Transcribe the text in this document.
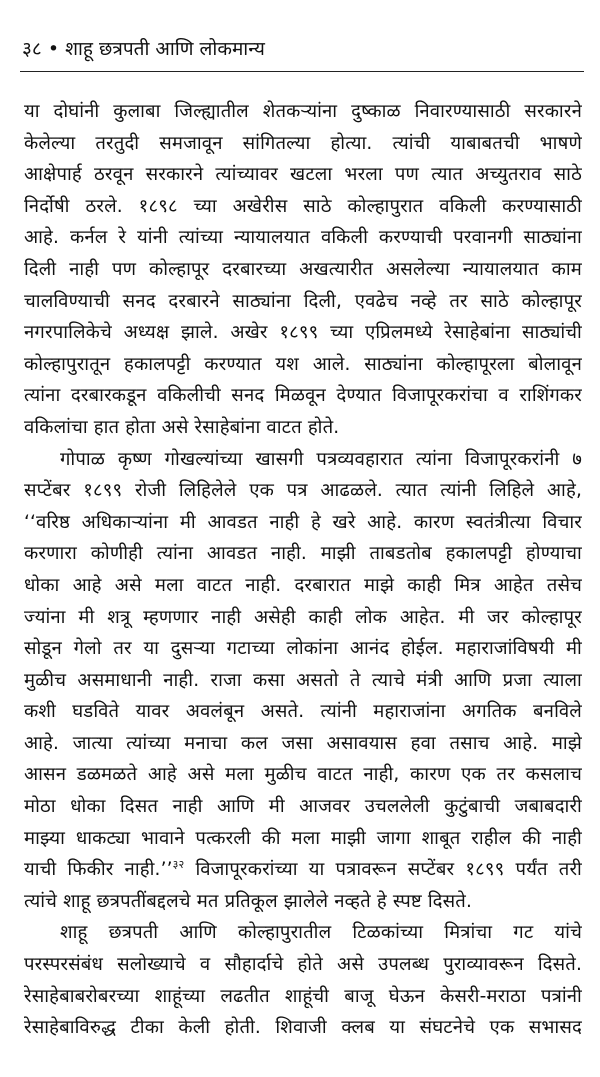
३८ • शाहू छत्रपती आणि लोकमान्य
या दोघांनी कुलाबा जिल्ह्यातील शेतकऱ्यांना दुष्काळ निवारण्यासाठी सरकारने
केलेल्या तरतुदी समजावून सांगितल्या होत्या. त्यांची याबाबतची भाषणे
आक्षेपार्ह ठरवून सरकारने त्यांच्यावर खटला भरला पण त्यात अच्युतराव साठे
निर्दोषी ठरले. १८९८ च्या अखेरीस साठे कोल्हापुरात वकिली करण्यासाठी
आहे. कर्नल रे यांनी त्यांच्या न्यायालयात वकिली करण्याची परवानगी साठ्यांना
दिली नाही पण कोल्हापूर दरबारच्या अखत्यारीत असलेल्या न्यायालयात काम
चालविण्याची सनद दरबारने साठ्यांना दिली, एवढेच नव्हे तर साठे कोल्हापूर
नगरपालिकेचे अध्यक्ष झाले. अखेर १८९९ च्या एप्रिलमध्ये रेसाहेबांना साठ्यांची
कोल्हापुरातून हकालपट्टी करण्यात यश आले. साठ्यांना कोल्हापूरला बोलावून
त्यांना दरबारकडून वकिलीची सनद मिळवून देण्यात विजापूरकरांचा व राशिंगकर
वकिलांचा हात होता असे रेसाहेबांना वाटत होते.
गोपाळ कृष्ण गोखल्यांच्या खासगी पत्रव्यवहारात त्यांना विजापूरकरांनी ७
सप्टेंबर १८९९ रोजी लिहिलेले एक पत्र आढळले. त्यात त्यांनी लिहिले आहे,
‘‘वरिष्ठ अधिकाऱ्यांना मी आवडत नाही हे खरे आहे. कारण स्वतंत्रीत्या विचार
करणारा कोणीही त्यांना आवडत नाही. माझी ताबडतोब हकालपट्टी होण्याचा
धोका आहे असे मला वाटत नाही. दरबारात माझे काही मित्र आहेत तसेच
ज्यांना मी शत्रू म्हणणार नाही असेही काही लोक आहेत. मी जर कोल्हापूर
सोडून गेलो तर या दुसऱ्या गटाच्या लोकांना आनंद होईल. महाराजांविषयी मी
मुळीच असमाधानी नाही. राजा कसा असतो ते त्याचे मंत्री आणि प्रजा त्याला
कशी घडविते यावर अवलंबून असते. त्यांनी महाराजांना अगतिक बनविले
आहे. जात्या त्यांच्या मनाचा कल जसा असावयास हवा तसाच आहे. माझे
आसन डळमळते आहे असे मला मुळीच वाटत नाही, कारण एक तर कसलाच
मोठा धोका दिसत नाही आणि मी आजवर उचललेली कुटुंबाची जबाबदारी
माझ्या धाकट्या भावाने पत्करली की मला माझी जागा शाबूत राहील की नाही
याची फिकीर नाही.’’$^{३२}$ विजापूरकरांच्या या पत्रावरून सप्टेंबर १८९९ पर्यंत तरी
त्यांचे शाहू छत्रपतींबद्दलचे मत प्रतिकूल झालेले नव्हते हे स्पष्ट दिसते.
शाहू छत्रपती आणि कोल्हापुरातील टिळकांच्या मित्रांचा गट यांचे
परस्परसंबंध सलोख्याचे व सौहार्दाचे होते असे उपलब्ध पुराव्यावरून दिसते.
रेसाहेबाबरोबरच्या शाहूंच्या लढतीत शाहूंची बाजू घेऊन केसरी-मराठा पत्रांनी
रेसाहेबाविरुद्ध टीका केली होती. शिवाजी क्लब या संघटनेचे एक सभासद
